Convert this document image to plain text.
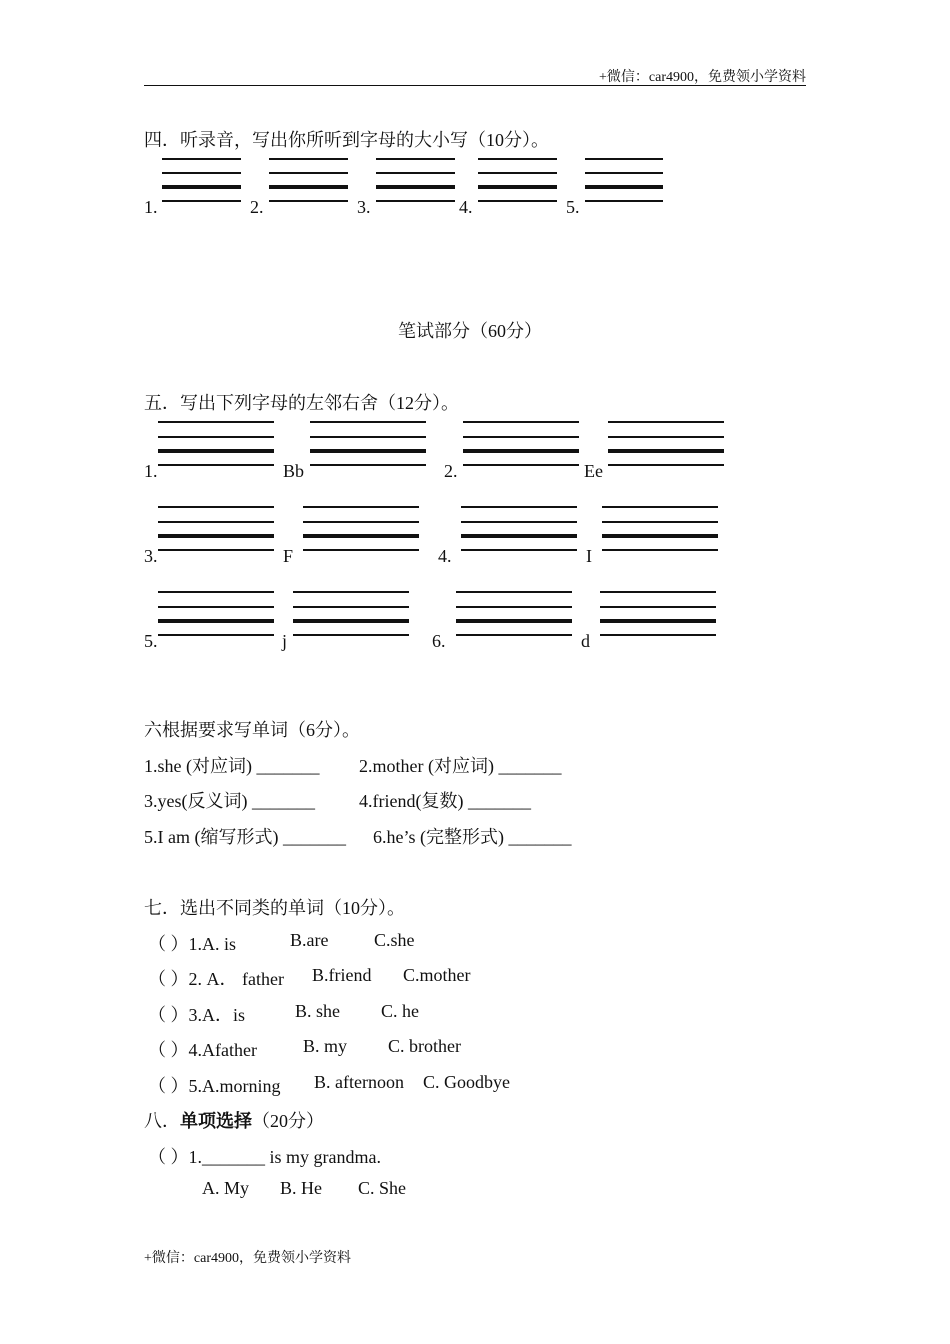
+微信：car4900，免费领小学资料
四．听录音，写出你所听到字母的大小写（10分）。
1.	2.	3.	4.	5.
笔试部分（60分）
五．写出下列字母的左邻右舍（12分）。
1.	Bb	2.	Ee
3.	F	4.	I
5.	j	6.	d
六根据要求写单词（6分）。
1.she (对应词) _______ 2.mother (对应词) _______
3.yes(反义词) _______ 4.friend(复数) _______
5.I am (缩写形式) _______ 6.he’s (完整形式) _______
七．选出不同类的单词（10分）。
（ ）1.A. is	B.are	C.she
（ ）2. A． father B.friend C.mother
（ ）3.A．is	B. she C. he
（ ）4.Afather	B. my C. brother
（ ）5.A.morning B. afternoon C. Goodbye
八．单项选择（20分）
（ ）1._______ is my grandma.
A. My B. He C. She
+微信：car4900，免费领小学资料
